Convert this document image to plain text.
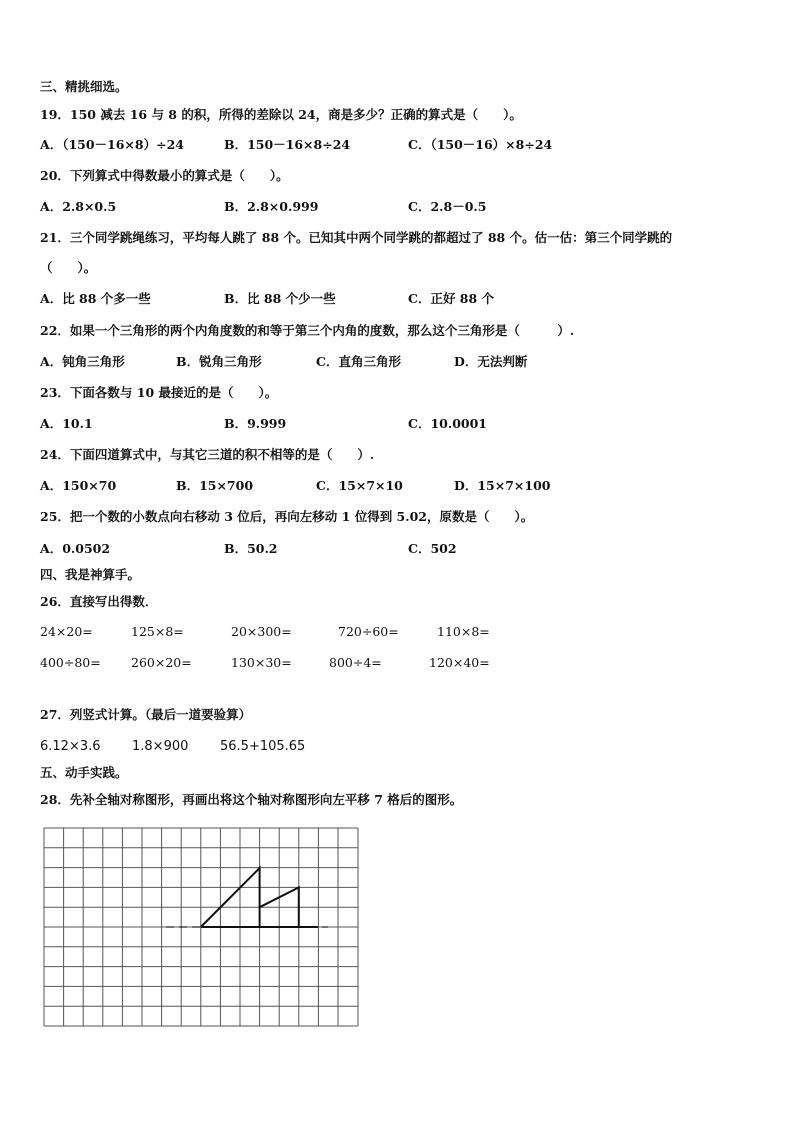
三、精挑细选。
19．150 减去 16 与 8 的积，所得的差除以 24，商是多少？正确的算式是（　　）。
A．（150－16×8）÷24	B．150－16×8÷24	C．（150－16）×8÷24
20．下列算式中得数最小的算式是（　　）。
A．2.8×0.5	B．2.8×0.999	C．2.8－0.5
21．三个同学跳绳练习，平均每人跳了 88 个。已知其中两个同学跳的都超过了 88 个。估一估：第三个同学跳的
（　　）。
A．比 88 个多一些	B．比 88 个少一些	C．正好 88 个
22．如果一个三角形的两个内角度数的和等于第三个内角的度数，那么这个三角形是（　　　）.
A．钝角三角形	B．锐角三角形	C．直角三角形	D．无法判断
23．下面各数与 10 最接近的是（　　）。
A．10.1	B．9.999	C．10.0001
24．下面四道算式中，与其它三道的积不相等的是（　　）.
A．150×70	B．15×700	C．15×7×10	D．15×7×100
25．把一个数的小数点向右移动 3 位后，再向左移动 1 位得到 5.02，原数是（　　）。
A．0.0502	B．50.2	C．502
四、我是神算手。
26．直接写出得数．
24×20=	125×8=	20×300=	720÷60=	110×8=
400÷80= 260×20=	130×30=	800÷4=	120×40=
27．列竖式计算。（最后一道要验算）
6.12×3.6 1.8×900 56.5+105.65
五、动手实践。
28．先补全轴对称图形，再画出将这个轴对称图形向左平移 7 格后的图形。
